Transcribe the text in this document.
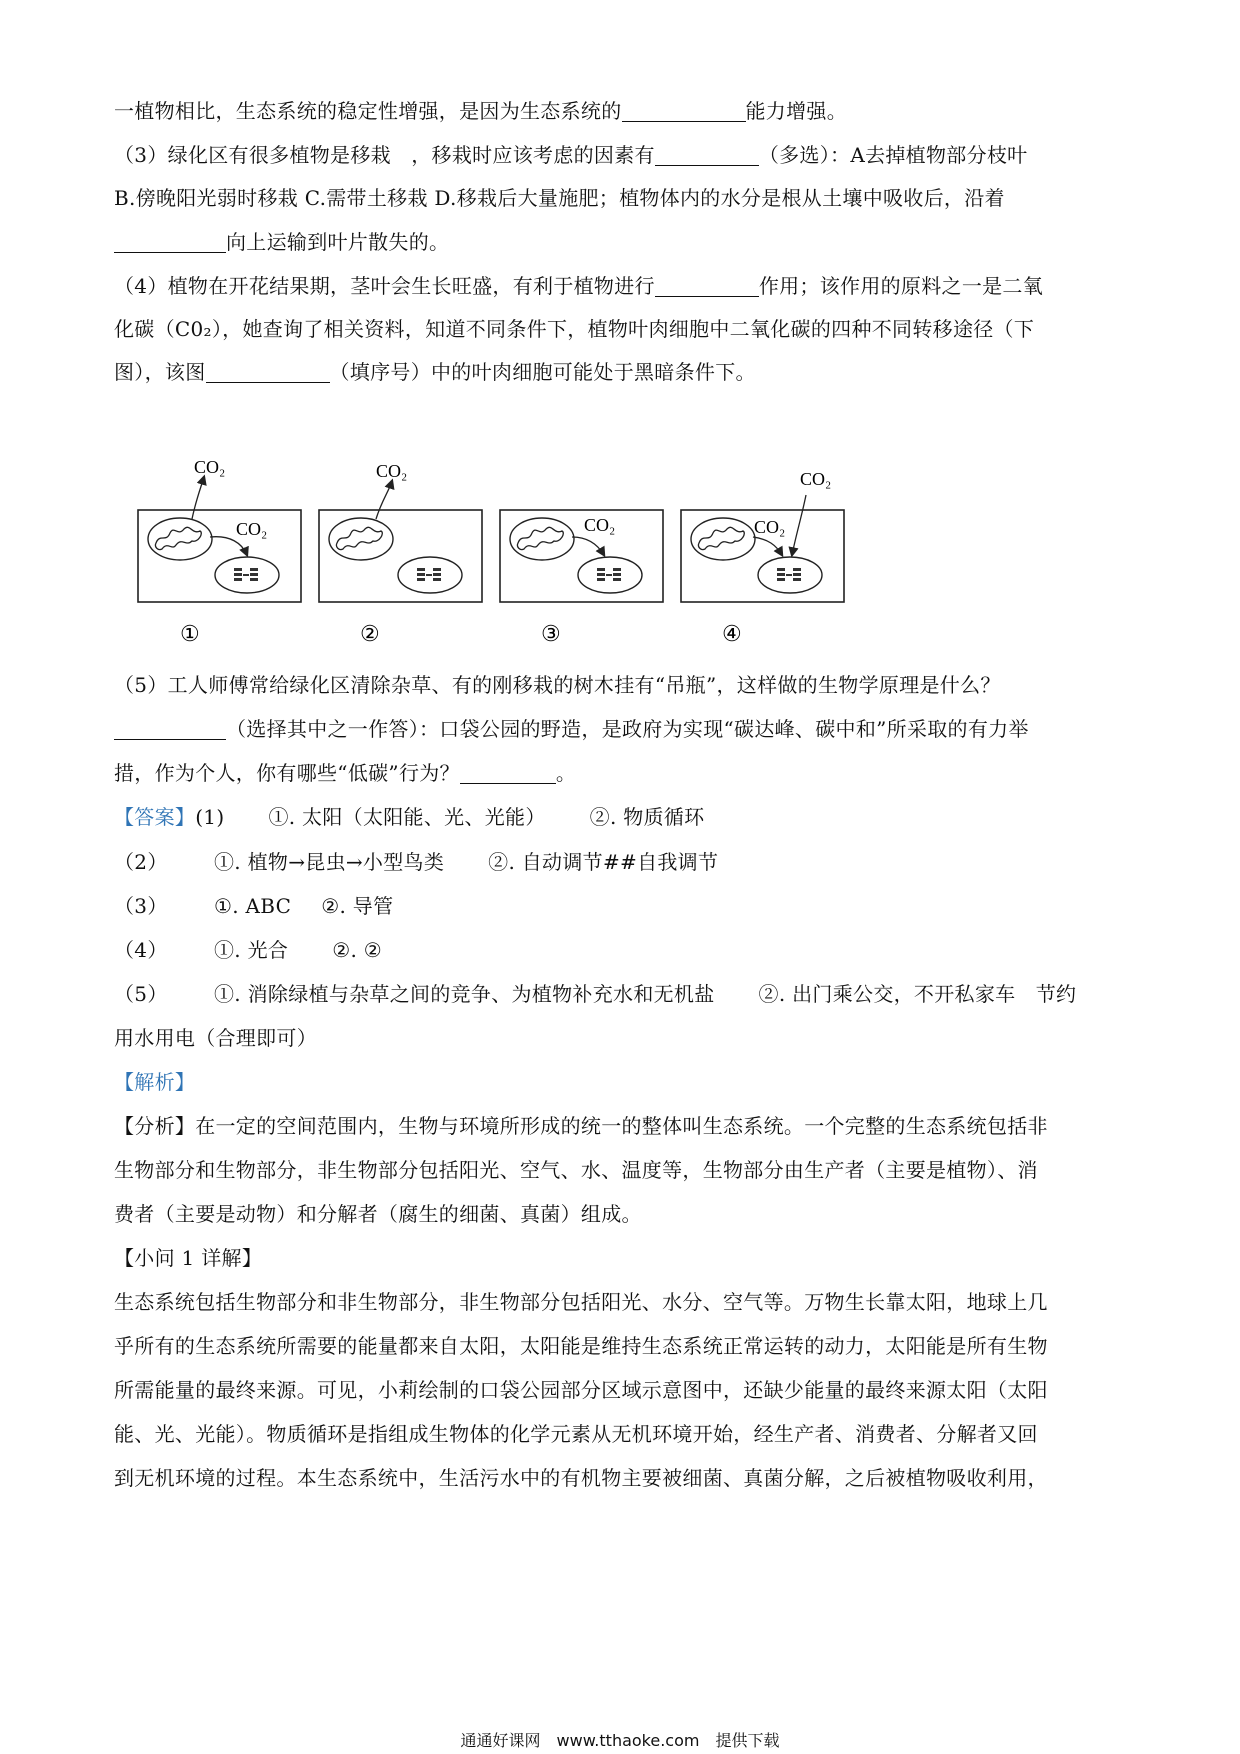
一植物相比，生态系统的稳定性增强，是因为生态系统的	能力增强。
（3）绿化区有很多植物是移栽　，移栽时应该考虑的因素有	（多选）：A去掉植物部分枝叶
B.傍晚阳光弱时移栽 C.需带土移栽 D.移栽后大量施肥；植物体内的水分是根从土壤中吸收后，沿着
向上运输到叶片散失的。
（4）植物在开花结果期，茎叶会生长旺盛，有利于植物进行	作用；该作用的原料之一是二氧
化碳（C0₂），她查询了相关资料，知道不同条件下，植物叶肉细胞中二氧化碳的四种不同转移途径（下
图），该图	（填序号）中的叶肉细胞可能处于黑暗条件下。
CO₂
CO₂
CO₂
CO₂
CO₂
CO₂
①	②	③	④
（5）工人师傅常给绿化区清除杂草、有的刚移栽的树木挂有“吊瓶”，这样做的生物学原理是什么？
（选择其中之一作答）：口袋公园的野造，是政府为实现“碳达峰、碳中和”所采取的有力举
措，作为个人，你有哪些“低碳”行为？	。
【答案】(1) ①. 太阳（太阳能、光、光能） ②. 物质循环
（2） ①. 植物→昆虫→小型鸟类 ②. 自动调节##自我调节
（3） ①. ABC ②. 导管
（4） ①. 光合 ②. ②
（5） ①. 消除绿植与杂草之间的竞争、为植物补充水和无机盐 ②. 出门乘公交，不开私家车　节约
用水用电（合理即可）
【解析】
【分析】在一定的空间范围内，生物与环境所形成的统一的整体叫生态系统。一个完整的生态系统包括非
生物部分和生物部分，非生物部分包括阳光、空气、水、温度等，生物部分由生产者（主要是植物）、消
费者（主要是动物）和分解者（腐生的细菌、真菌）组成。
【小问 1 详解】
生态系统包括生物部分和非生物部分，非生物部分包括阳光、水分、空气等。万物生长靠太阳，地球上几
乎所有的生态系统所需要的能量都来自太阳，太阳能是维持生态系统正常运转的动力，太阳能是所有生物
所需能量的最终来源。可见，小莉绘制的口袋公园部分区域示意图中，还缺少能量的最终来源太阳（太阳
能、光、光能）。物质循环是指组成生物体的化学元素从无机环境开始，经生产者、消费者、分解者又回
到无机环境的过程。本生态系统中，生活污水中的有机物主要被细菌、真菌分解，之后被植物吸收利用，
通通好课网　www.tthaoke.com　提供下载
